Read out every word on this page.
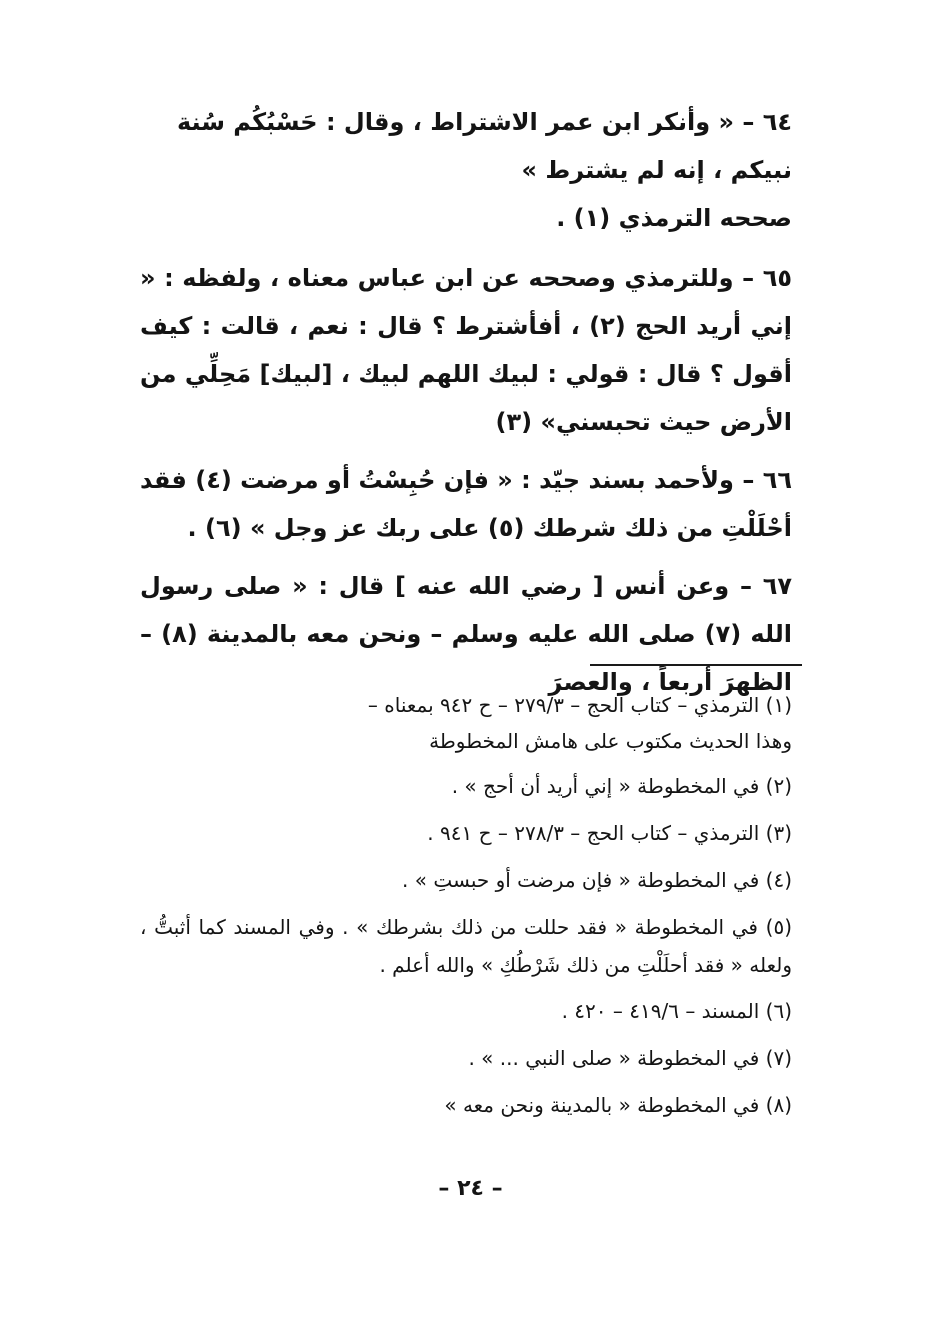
٦٤ – « وأنكر ابن عمر الاشتراط ، وقال : حَسْبُكُم سُنة

نبيكم ، إنه لم يشترط »

صححه الترمذي (١) .

٦٥ – وللترمذي وصححه عن ابن عباس معناه ، ولفظه : « إني أريد الحج (٢) ، أفأشترط ؟ قال : نعم ، قالت : كيف أقول ؟ قال : قولي : لبيك اللهم لبيك ، [لبيك] مَحِلِّي من الأرض حيث تحبسني» (٣)

٦٦ – ولأحمد بسند جيّد : « فإن حُبِسْتُ أو مرضت (٤) فقد أحْلَلْتِ من ذلك شرطك (٥) على ربك عز وجل » (٦) .

٦٧ – وعن أنس [ رضي الله عنه ] قال : « صلى رسول الله (٧) صلى الله عليه وسلم – ونحن معه بالمدينة (٨) – الظهرَ أربعاً ، والعصرَ

(١) الترمذي – كتاب الحج – ٢٧٩/٣ – ح ٩٤٢ بمعناه –

وهذا الحديث مكتوب على هامش المخطوطة

(٢) في المخطوطة « إني أريد أن أحج » .

(٣) الترمذي – كتاب الحج – ٢٧٨/٣ – ح ٩٤١ .

(٤) في المخطوطة « فإن مرضت أو حبستِ » .

(٥) في المخطوطة « فقد حللت من ذلك بشرطك » . وفي المسند كما أثبتُّ ، ولعله « فقد أحلَلْتِ من ذلك شَرْطُكِ » والله أعلم .

(٦) المسند – ٤١٩/٦ – ٤٢٠ .

(٧) في المخطوطة « صلى النبي ... » .

(٨) في المخطوطة « بالمدينة ونحن معه »

– ٢٤ –
